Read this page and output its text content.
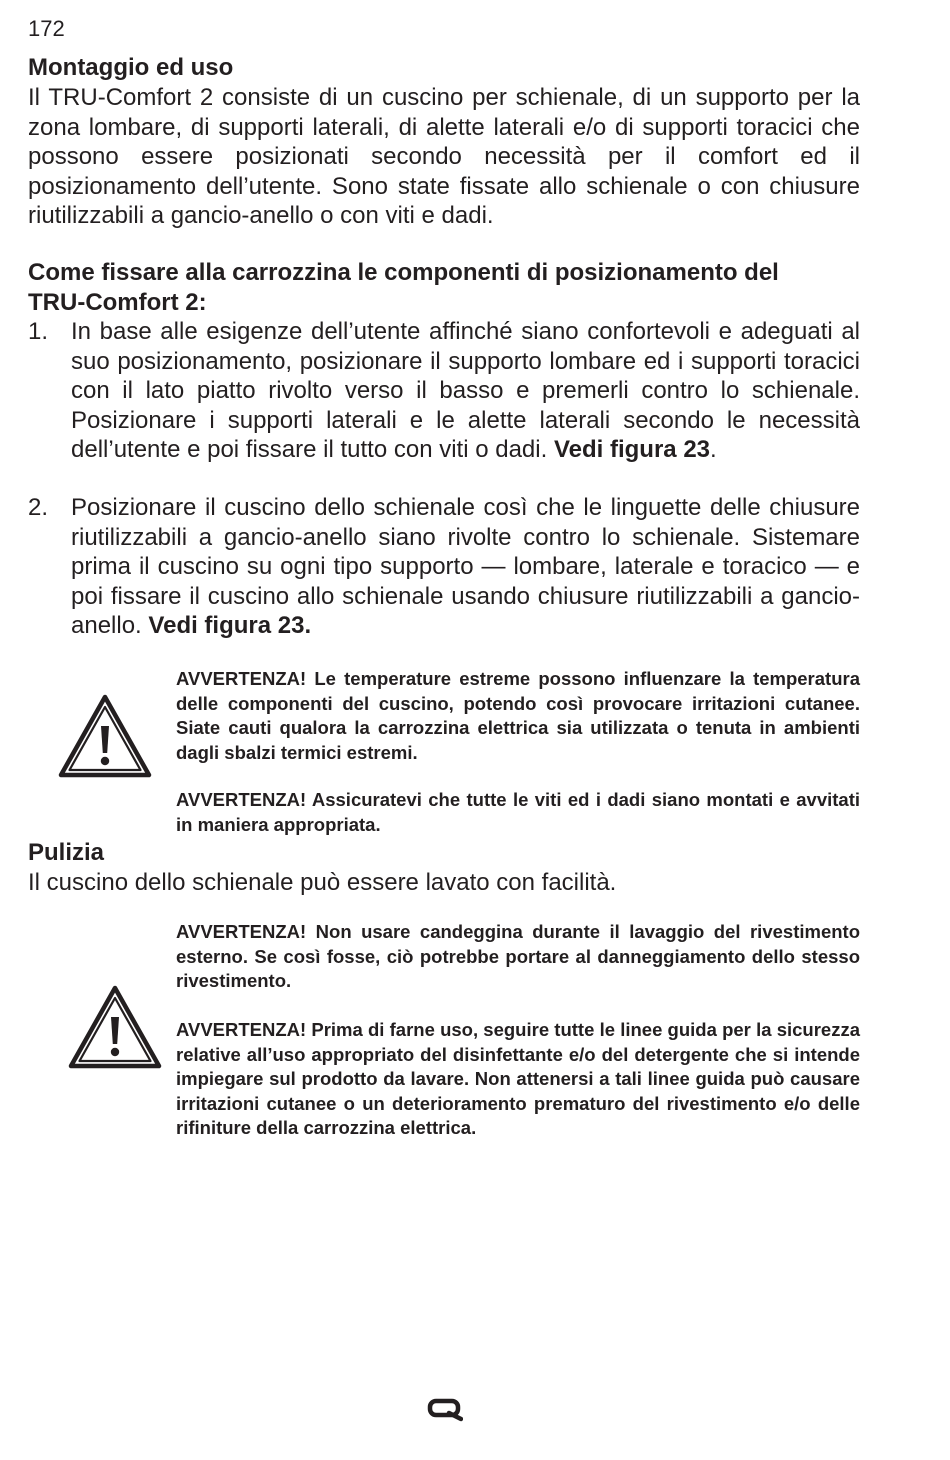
172
Montaggio ed uso

Il TRU-Comfort 2 consiste di un cuscino per schienale, di un supporto per la zona lombare, di supporti laterali, di alette laterali e/o di supporti toracici che possono essere posizionati secondo necessità per il comfort ed il posizionamento dell’utente. Sono state fissate allo schienale o con chiusure riutilizzabili a gancio-anello o con viti e dadi.

Come fissare alla carrozzina le componenti di posizionamento del
TRU-Comfort 2:
1. In base alle esigenze dell’utente affinché siano confortevoli e adeguati al suo posizionamento, posizionare il supporto lombare ed i supporti toracici con il lato piatto rivolto verso il basso e premerli contro lo schienale. Posizionare i supporti laterali e le alette laterali secondo le necessità dell’utente e poi fissare il tutto con viti o dadi. Vedi figura 23.
2. Posizionare il cuscino dello schienale così che le linguette delle chiusure riutilizzabili a gancio-anello siano rivolte contro lo schienale. Sistemare prima il cuscino su ogni tipo supporto — lombare, laterale e toracico — e poi fissare il cuscino allo schienale usando chiusure riutilizzabili a gancio-anello. Vedi figura 23.

AVVERTENZA! Le temperature estreme possono influenzare la temperatura delle componenti del cuscino, potendo così provocare irritazioni cutanee. Siate cauti qualora la carrozzina elettrica sia utilizzata o tenuta in ambienti dagli sbalzi termici estremi.

AVVERTENZA! Assicuratevi che tutte le viti ed i dadi siano montati e avvitati in maniera appropriata.

Pulizia

Il cuscino dello schienale può essere lavato con facilità.

AVVERTENZA! Non usare candeggina durante il lavaggio del rivestimento esterno. Se così fosse, ciò potrebbe portare al danneggiamento dello stesso rivestimento.

AVVERTENZA! Prima di farne uso, seguire tutte le linee guida per la sicurezza relative all’uso appropriato del disinfettante e/o del detergente che si intende impiegare sul prodotto da lavare. Non attenersi a tali linee guida può causare irritazioni cutanee o un deterioramento prematuro del rivestimento e/o delle rifiniture della carrozzina elettrica.
